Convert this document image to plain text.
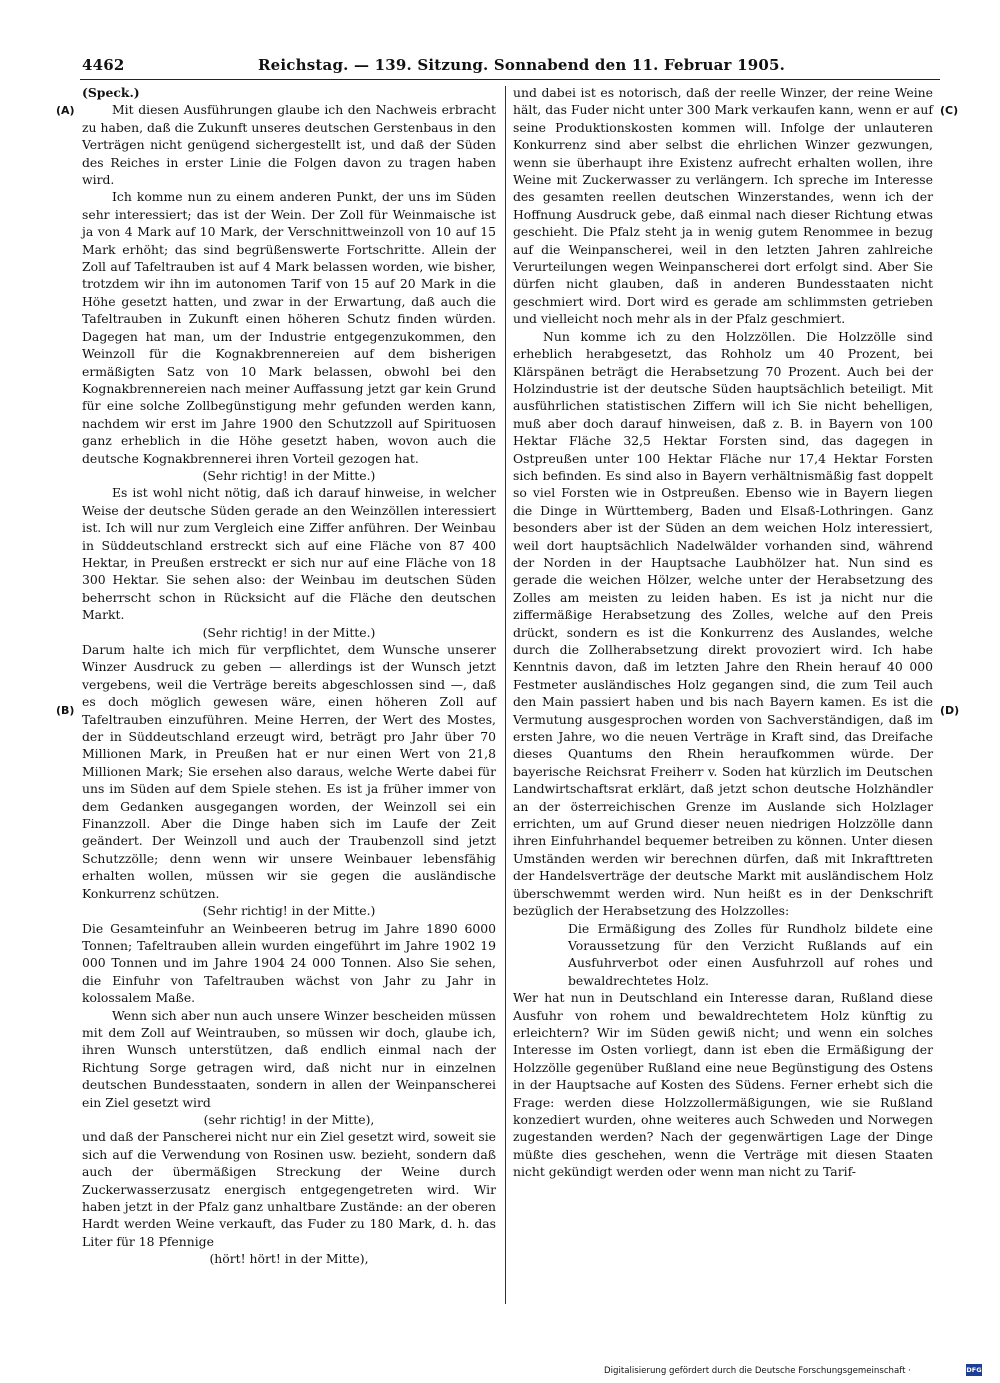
4462	Reichstag. — 139. Sitzung. Sonnabend den 11. Februar 1905.
(A)
(B)
(C)
(D)

(Speck.)

Mit diesen Ausführungen glaube ich den Nachweis erbracht zu haben, daß die Zukunft unseres deutschen Gerstenbaus in den Verträgen nicht genügend sichergestellt ist, und daß der Süden des Reiches in erster Linie die Folgen davon zu tragen haben wird.

Ich komme nun zu einem anderen Punkt, der uns im Süden sehr interessiert; das ist der Wein. Der Zoll für Weinmaische ist ja von 4 Mark auf 10 Mark, der Verschnittweinzoll von 10 auf 15 Mark erhöht; das sind begrüßenswerte Fortschritte. Allein der Zoll auf Tafeltrauben ist auf 4 Mark belassen worden, wie bisher, trotzdem wir ihn im autonomen Tarif von 15 auf 20 Mark in die Höhe gesetzt hatten, und zwar in der Erwartung, daß auch die Tafeltrauben in Zukunft einen höheren Schutz finden würden. Dagegen hat man, um der Industrie entgegenzukommen, den Weinzoll für die Kognakbrennereien auf dem bisherigen ermäßigten Satz von 10 Mark belassen, obwohl bei den Kognakbrennereien nach meiner Auffassung jetzt gar kein Grund für eine solche Zollbegünstigung mehr gefunden werden kann, nachdem wir erst im Jahre 1900 den Schutzzoll auf Spirituosen ganz erheblich in die Höhe gesetzt haben, wovon auch die deutsche Kognakbrennerei ihren Vorteil gezogen hat.

(Sehr richtig! in der Mitte.)

Es ist wohl nicht nötig, daß ich darauf hinweise, in welcher Weise der deutsche Süden gerade an den Weinzöllen interessiert ist. Ich will nur zum Vergleich eine Ziffer anführen. Der Weinbau in Süddeutschland erstreckt sich auf eine Fläche von 87 400 Hektar, in Preußen erstreckt er sich nur auf eine Fläche von 18 300 Hektar. Sie sehen also: der Weinbau im deutschen Süden beherrscht schon in Rücksicht auf die Fläche den deutschen Markt.

(Sehr richtig! in der Mitte.)

Darum halte ich mich für verpflichtet, dem Wunsche unserer Winzer Ausdruck zu geben — allerdings ist der Wunsch jetzt vergebens, weil die Verträge bereits abgeschlossen sind —, daß es doch möglich gewesen wäre, einen höheren Zoll auf Tafeltrauben einzuführen. Meine Herren, der Wert des Mostes, der in Süddeutschland erzeugt wird, beträgt pro Jahr über 70 Millionen Mark, in Preußen hat er nur einen Wert von 21,8 Millionen Mark; Sie ersehen also daraus, welche Werte dabei für uns im Süden auf dem Spiele stehen. Es ist ja früher immer von dem Gedanken ausgegangen worden, der Weinzoll sei ein Finanzzoll. Aber die Dinge haben sich im Laufe der Zeit geändert. Der Weinzoll und auch der Traubenzoll sind jetzt Schutzzölle; denn wenn wir unsere Weinbauer lebensfähig erhalten wollen, müssen wir sie gegen die ausländische Konkurrenz schützen.

(Sehr richtig! in der Mitte.)

Die Gesamteinfuhr an Weinbeeren betrug im Jahre 1890 6000 Tonnen; Tafeltrauben allein wurden eingeführt im Jahre 1902 19 000 Tonnen und im Jahre 1904 24 000 Tonnen. Also Sie sehen, die Einfuhr von Tafeltrauben wächst von Jahr zu Jahr in kolossalem Maße.

Wenn sich aber nun auch unsere Winzer bescheiden müssen mit dem Zoll auf Weintrauben, so müssen wir doch, glaube ich, ihren Wunsch unterstützen, daß endlich einmal nach der Richtung Sorge getragen wird, daß nicht nur in einzelnen deutschen Bundesstaaten, sondern in allen der Weinpanscherei ein Ziel gesetzt wird

(sehr richtig! in der Mitte),

und daß der Panscherei nicht nur ein Ziel gesetzt wird, soweit sie sich auf die Verwendung von Rosinen usw. bezieht, sondern daß auch der übermäßigen Streckung der Weine durch Zuckerwasserzusatz energisch entgegengetreten wird. Wir haben jetzt in der Pfalz ganz unhaltbare Zustände: an der oberen Hardt werden Weine verkauft, das Fuder zu 180 Mark, d. h. das Liter für 18 Pfennige

(hört! hört! in der Mitte),

und dabei ist es notorisch, daß der reelle Winzer, der reine Weine hält, das Fuder nicht unter 300 Mark verkaufen kann, wenn er auf seine Produktionskosten kommen will. Infolge der unlauteren Konkurrenz sind aber selbst die ehrlichen Winzer gezwungen, wenn sie überhaupt ihre Existenz aufrecht erhalten wollen, ihre Weine mit Zuckerwasser zu verlängern. Ich spreche im Interesse des gesamten reellen deutschen Winzerstandes, wenn ich der Hoffnung Ausdruck gebe, daß einmal nach dieser Richtung etwas geschieht. Die Pfalz steht ja in wenig gutem Renommee in bezug auf die Weinpanscherei, weil in den letzten Jahren zahlreiche Verurteilungen wegen Weinpanscherei dort erfolgt sind. Aber Sie dürfen nicht glauben, daß in anderen Bundesstaaten nicht geschmiert wird. Dort wird es gerade am schlimmsten getrieben und vielleicht noch mehr als in der Pfalz geschmiert.

Nun komme ich zu den Holzzöllen. Die Holzzölle sind erheblich herabgesetzt, das Rohholz um 40 Prozent, bei Klärspänen beträgt die Herabsetzung 70 Prozent. Auch bei der Holzindustrie ist der deutsche Süden hauptsächlich beteiligt. Mit ausführlichen statistischen Ziffern will ich Sie nicht behelligen, muß aber doch darauf hinweisen, daß z. B. in Bayern von 100 Hektar Fläche 32,5 Hektar Forsten sind, das dagegen in Ostpreußen unter 100 Hektar Fläche nur 17,4 Hektar Forsten sich befinden. Es sind also in Bayern verhältnismäßig fast doppelt so viel Forsten wie in Ostpreußen. Ebenso wie in Bayern liegen die Dinge in Württemberg, Baden und Elsaß-Lothringen. Ganz besonders aber ist der Süden an dem weichen Holz interessiert, weil dort hauptsächlich Nadelwälder vorhanden sind, während der Norden in der Hauptsache Laubhölzer hat. Nun sind es gerade die weichen Hölzer, welche unter der Herabsetzung des Zolles am meisten zu leiden haben. Es ist ja nicht nur die ziffermäßige Herabsetzung des Zolles, welche auf den Preis drückt, sondern es ist die Konkurrenz des Auslandes, welche durch die Zollherabsetzung direkt provoziert wird. Ich habe Kenntnis davon, daß im letzten Jahre den Rhein herauf 40 000 Festmeter ausländisches Holz gegangen sind, die zum Teil auch den Main passiert haben und bis nach Bayern kamen. Es ist die Vermutung ausgesprochen worden von Sachverständigen, daß im ersten Jahre, wo die neuen Verträge in Kraft sind, das Dreifache dieses Quantums den Rhein heraufkommen würde. Der bayerische Reichsrat Freiherr v. Soden hat kürzlich im Deutschen Landwirtschaftsrat erklärt, daß jetzt schon deutsche Holzhändler an der österreichischen Grenze im Auslande sich Holzlager errichten, um auf Grund dieser neuen niedrigen Holzzölle dann ihren Einfuhrhandel bequemer betreiben zu können. Unter diesen Umständen werden wir berechnen dürfen, daß mit Inkrafttreten der Handelsverträge der deutsche Markt mit ausländischem Holz überschwemmt werden wird. Nun heißt es in der Denkschrift bezüglich der Herabsetzung des Holzzolles:

Die Ermäßigung des Zolles für Rundholz bildete eine Voraussetzung für den Verzicht Rußlands auf ein Ausfuhrverbot oder einen Ausfuhrzoll auf rohes und bewaldrechtetes Holz.

Wer hat nun in Deutschland ein Interesse daran, Rußland diese Ausfuhr von rohem und bewaldrechtetem Holz künftig zu erleichtern? Wir im Süden gewiß nicht; und wenn ein solches Interesse im Osten vorliegt, dann ist eben die Ermäßigung der Holzzölle gegenüber Rußland eine neue Begünstigung des Ostens in der Hauptsache auf Kosten des Südens. Ferner erhebt sich die Frage: werden diese Holzzollermäßigungen, wie sie Rußland konzediert wurden, ohne weiteres auch Schweden und Norwegen zugestanden werden? Nach der gegenwärtigen Lage der Dinge müßte dies geschehen, wenn die Verträge mit diesen Staaten nicht gekündigt werden oder wenn man nicht zu Tarif-

Digitalisierung gefördert durch die Deutsche Forschungsgemeinschaft ·	DFG
